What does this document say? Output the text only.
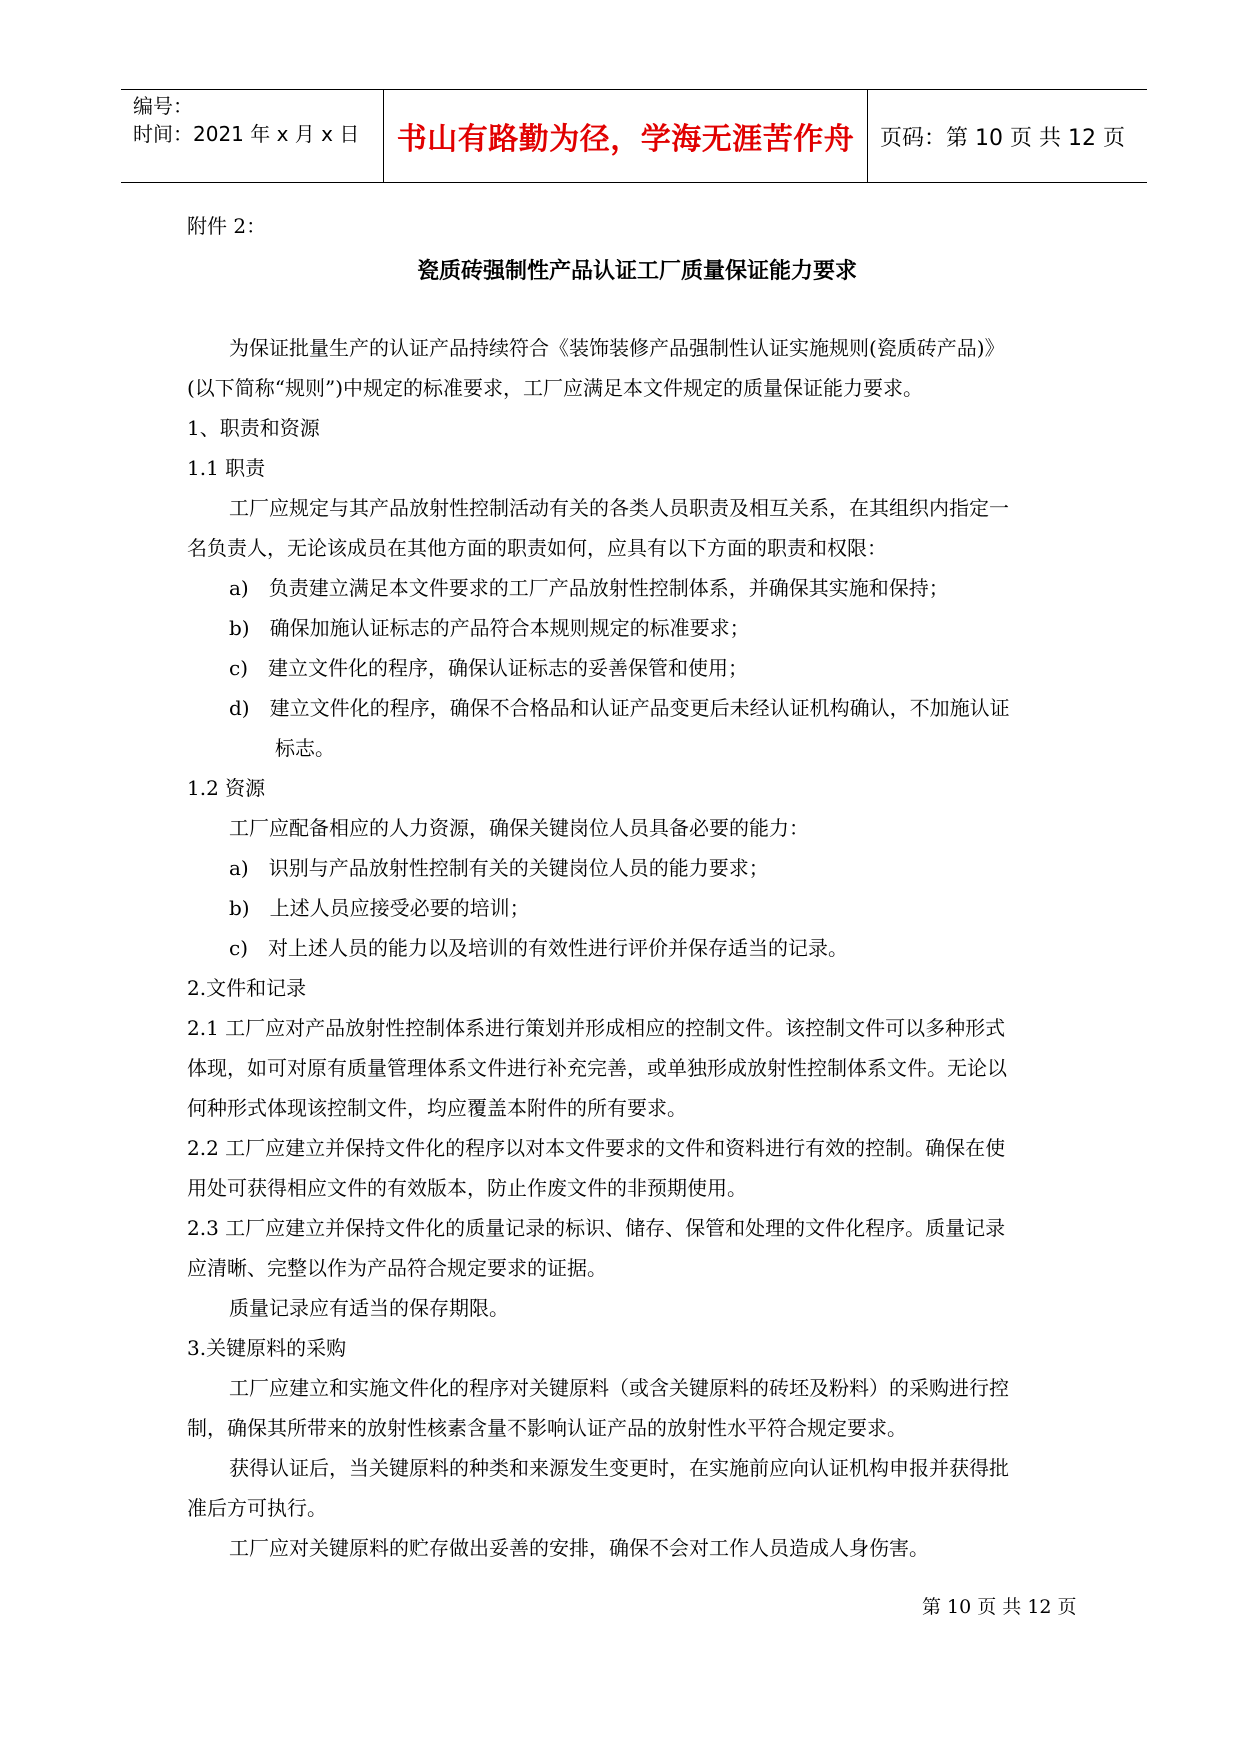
编号：
时间：2021 年 x 月 x 日	书山有路勤为径，学海无涯苦作舟	页码：第 10 页 共 12 页
附件 2：
瓷质砖强制性产品认证工厂质量保证能力要求
为保证批量生产的认证产品持续符合《装饰装修产品强制性认证实施规则(瓷质砖产品)》
(以下简称“规则”)中规定的标准要求，工厂应满足本文件规定的质量保证能力要求。
1、职责和资源
1.1 职责
工厂应规定与其产品放射性控制活动有关的各类人员职责及相互关系，在其组织内指定一
名负责人，无论该成员在其他方面的职责如何，应具有以下方面的职责和权限：
a)　负责建立满足本文件要求的工厂产品放射性控制体系，并确保其实施和保持；
b)　确保加施认证标志的产品符合本规则规定的标准要求；
c)　建立文件化的程序，确保认证标志的妥善保管和使用；
d)　建立文件化的程序，确保不合格品和认证产品变更后未经认证机构确认，不加施认证
标志。
1.2 资源
工厂应配备相应的人力资源，确保关键岗位人员具备必要的能力：
a)　识别与产品放射性控制有关的关键岗位人员的能力要求；
b)　上述人员应接受必要的培训；
c)　对上述人员的能力以及培训的有效性进行评价并保存适当的记录。
2.文件和记录
2.1 工厂应对产品放射性控制体系进行策划并形成相应的控制文件。该控制文件可以多种形式
体现，如可对原有质量管理体系文件进行补充完善，或单独形成放射性控制体系文件。无论以
何种形式体现该控制文件，均应覆盖本附件的所有要求。
2.2 工厂应建立并保持文件化的程序以对本文件要求的文件和资料进行有效的控制。确保在使
用处可获得相应文件的有效版本，防止作废文件的非预期使用。
2.3 工厂应建立并保持文件化的质量记录的标识、储存、保管和处理的文件化程序。质量记录
应清晰、完整以作为产品符合规定要求的证据。
质量记录应有适当的保存期限。
3.关键原料的采购
工厂应建立和实施文件化的程序对关键原料（或含关键原料的砖坯及粉料）的采购进行控
制，确保其所带来的放射性核素含量不影响认证产品的放射性水平符合规定要求。
获得认证后，当关键原料的种类和来源发生变更时，在实施前应向认证机构申报并获得批
准后方可执行。
工厂应对关键原料的贮存做出妥善的安排，确保不会对工作人员造成人身伤害。
第 10 页 共 12 页
